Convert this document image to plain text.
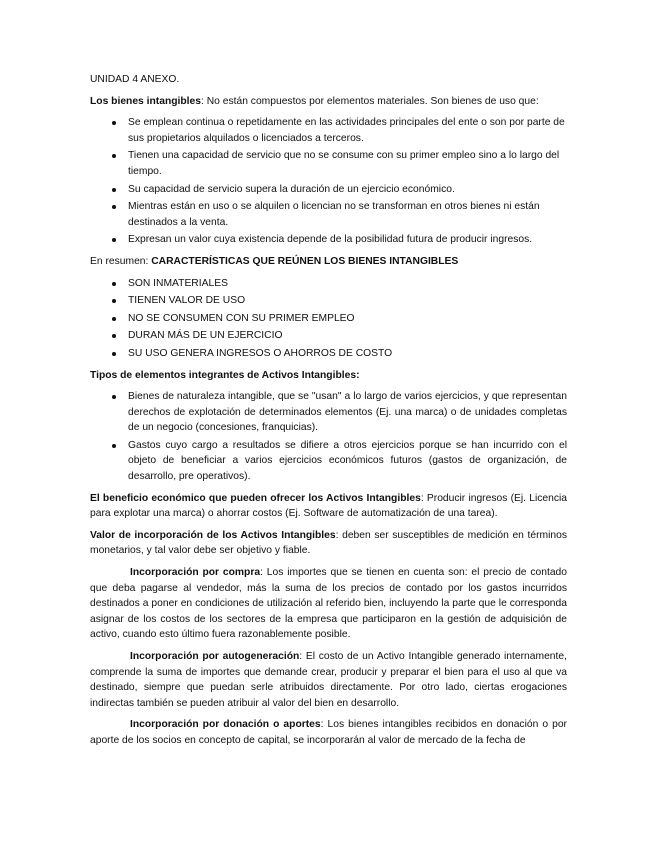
UNIDAD 4 ANEXO.

Los bienes intangibles: No están compuestos por elementos materiales. Son bienes de uso que:

Se emplean continua o repetidamente en las actividades principales del ente o son por parte de sus propietarios alquilados o licenciados a terceros.
Tienen una capacidad de servicio que no se consume con su primer empleo sino a lo largo del tiempo.
Su capacidad de servicio supera la duración de un ejercicio económico.
Mientras están en uso o se alquilen o licencian no se transforman en otros bienes ni están destinados a la venta.
Expresan un valor cuya existencia depende de la posibilidad futura de producir ingresos.

En resumen: CARACTERÍSTICAS QUE REÚNEN LOS BIENES INTANGIBLES

SON INMATERIALES
TIENEN VALOR DE USO
NO SE CONSUMEN CON SU PRIMER EMPLEO
DURAN MÁS DE UN EJERCICIO
SU USO GENERA INGRESOS O AHORROS DE COSTO

Tipos de elementos integrantes de Activos Intangibles:

Bienes de naturaleza intangible, que se "usan" a lo largo de varios ejercicios, y que representan derechos de explotación de determinados elementos (Ej. una marca) o de unidades completas de un negocio (concesiones, franquicias).
Gastos cuyo cargo a resultados se difiere a otros ejercicios porque se han incurrido con el objeto de beneficiar a varios ejercicios económicos futuros (gastos de organización, de desarrollo, pre operativos).

El beneficio económico que pueden ofrecer los Activos Intangibles: Producir ingresos (Ej. Licencia para explotar una marca) o ahorrar costos (Ej. Software de automatización de una tarea).

Valor de incorporación de los Activos Intangibles: deben ser susceptibles de medición en términos monetarios, y tal valor debe ser objetivo y fiable.

Incorporación por compra: Los importes que se tienen en cuenta son: el precio de contado que deba pagarse al vendedor, más la suma de los precios de contado por los gastos incurridos destinados a poner en condiciones de utilización al referido bien, incluyendo la parte que le corresponda asignar de los costos de los sectores de la empresa que participaron en la gestión de adquisición de activo, cuando esto último fuera razonablemente posible.

Incorporación por autogeneración: El costo de un Activo Intangible generado internamente, comprende la suma de importes que demande crear, producir y preparar el bien para el uso al que va destinado, siempre que puedan serle atribuidos directamente. Por otro lado, ciertas erogaciones indirectas también se pueden atribuir al valor del bien en desarrollo.

Incorporación por donación o aportes: Los bienes intangibles recibidos en donación o por aporte de los socios en concepto de capital, se incorporarán al valor de mercado de la fecha de
